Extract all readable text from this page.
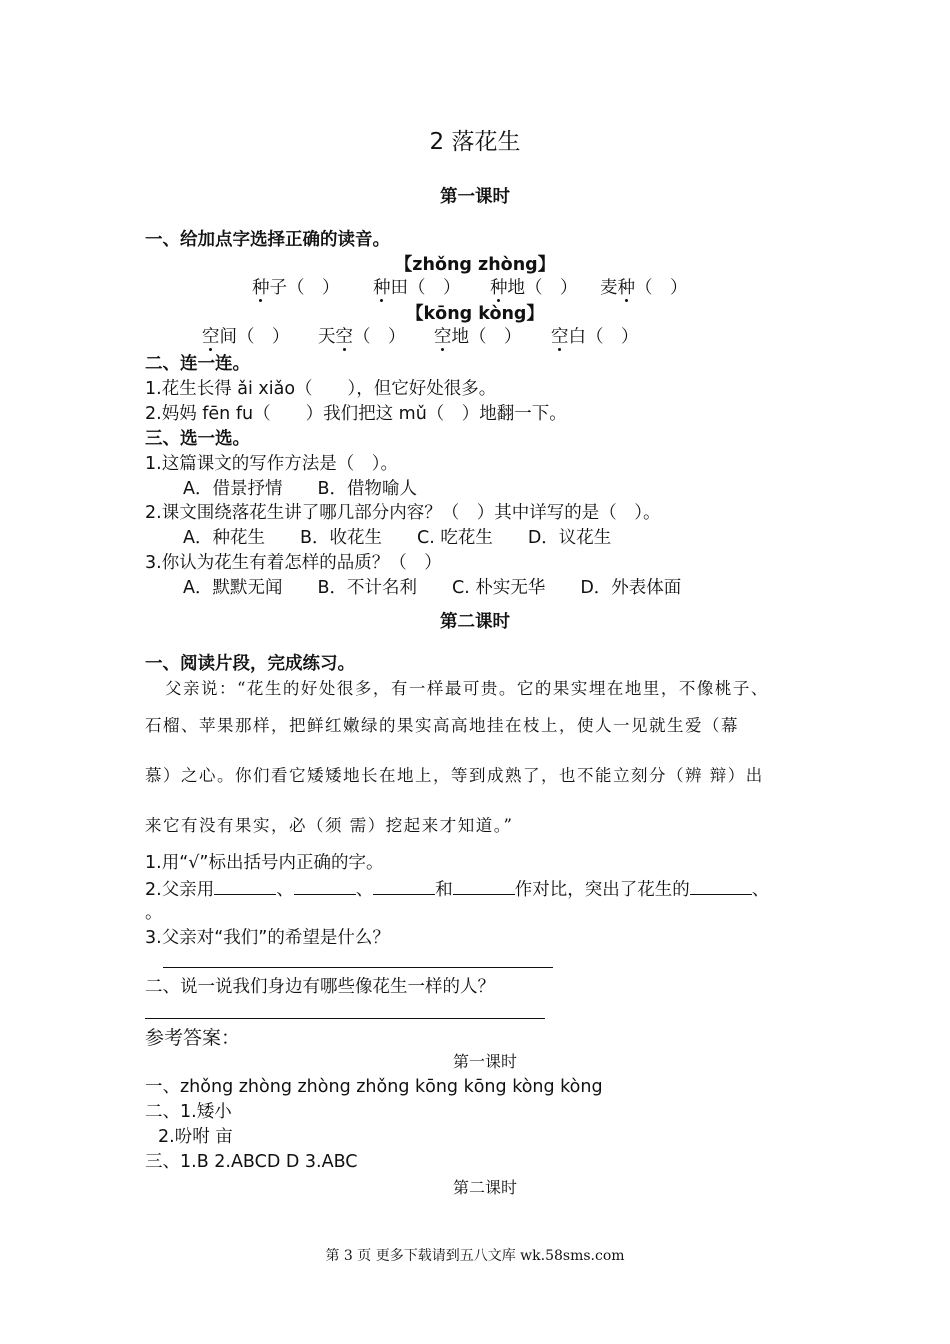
2 落花生
第一课时
一、给加点字选择正确的读音。
【zhǒng zhòng】
种子（　） 种田（　） 种地（　） 麦种（　）
【kōng kòng】
空间（　） 天空（　） 空地（　） 空白（　）
二、连一连。
1.花生长得 ǎi xiǎo（　　），但它好处很多。
2.妈妈 fēn fu（　　）我们把这 mǔ（　）地翻一下。
三、选一选。
1.这篇课文的写作方法是（　）。
A．借景抒情　　B．借物喻人
2.课文围绕落花生讲了哪几部分内容？（　）其中详写的是（　）。
A．种花生　　B．收花生　　C. 吃花生　　D．议花生
3.你认为花生有着怎样的品质？（　）
A．默默无闻　　B．不计名利　　C. 朴实无华　　D．外表体面
第二课时
一、阅读片段，完成练习。
父亲说：“花生的好处很多，有一样最可贵。它的果实埋在地里，不像桃子、
石榴、苹果那样，把鲜红嫩绿的果实高高地挂在枝上，使人一见就生爱（幕
慕）之心。你们看它矮矮地长在地上，等到成熟了，也不能立刻分（辨 辩）出
来它有没有果实，必（须 需）挖起来才知道。”
1.用“√”标出括号内正确的字。
2.父亲用	、	、	和	作对比，突出了花生的	、
。
3.父亲对“我们”的希望是什么？
二、说一说我们身边有哪些像花生一样的人？
参考答案：
第一课时
一、zhǒng zhòng zhòng zhǒng kōng kōng kòng kòng
二、1.矮小
2.吩咐 亩
三、1.B 2.ABCD D 3.ABC
第二课时
第 3 页 更多下载请到五八文库 wk.58sms.com
